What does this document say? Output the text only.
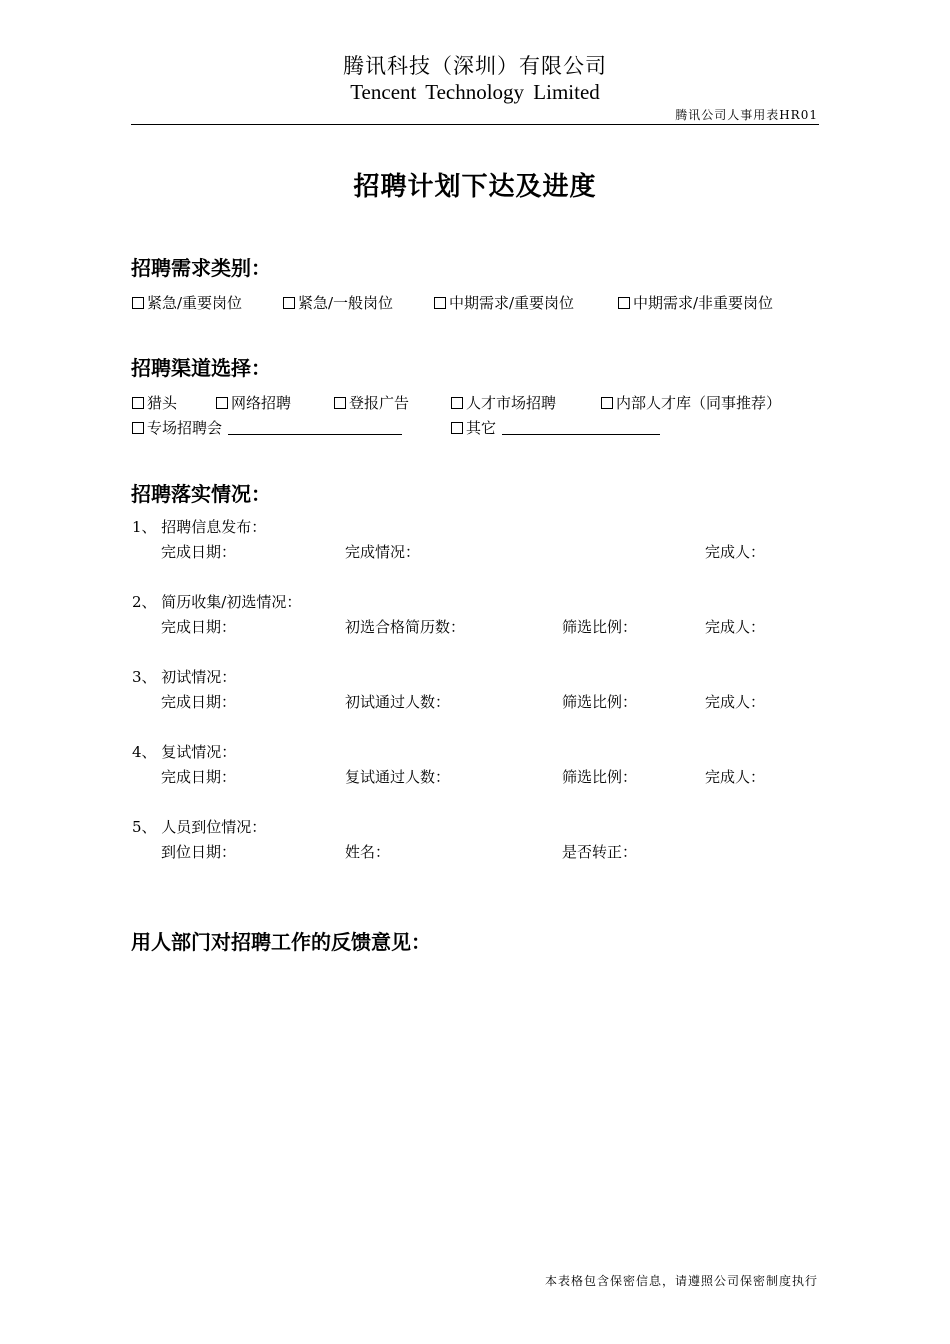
腾讯科技（深圳）有限公司
Tencent Technology Limited
腾讯公司人事用表HR01
招聘计划下达及进度
招聘需求类别：
紧急/重要岗位	紧急/一般岗位	中期需求/重要岗位	中期需求/非重要岗位
招聘渠道选择：
猎头	网络招聘	登报广告	人才市场招聘	内部人才库（同事推荐）
专场招聘会	其它
招聘落实情况：
1、 招聘信息发布：
完成日期：	完成情况：	完成人：
2、 简历收集/初选情况：
完成日期：	初选合格简历数：	筛选比例：	完成人：
3、 初试情况：
完成日期：	初试通过人数：	筛选比例：	完成人：
4、 复试情况：
完成日期：	复试通过人数：	筛选比例：	完成人：
5、 人员到位情况：
到位日期：	姓名：	是否转正：
用人部门对招聘工作的反馈意见：
本表格包含保密信息，请遵照公司保密制度执行
